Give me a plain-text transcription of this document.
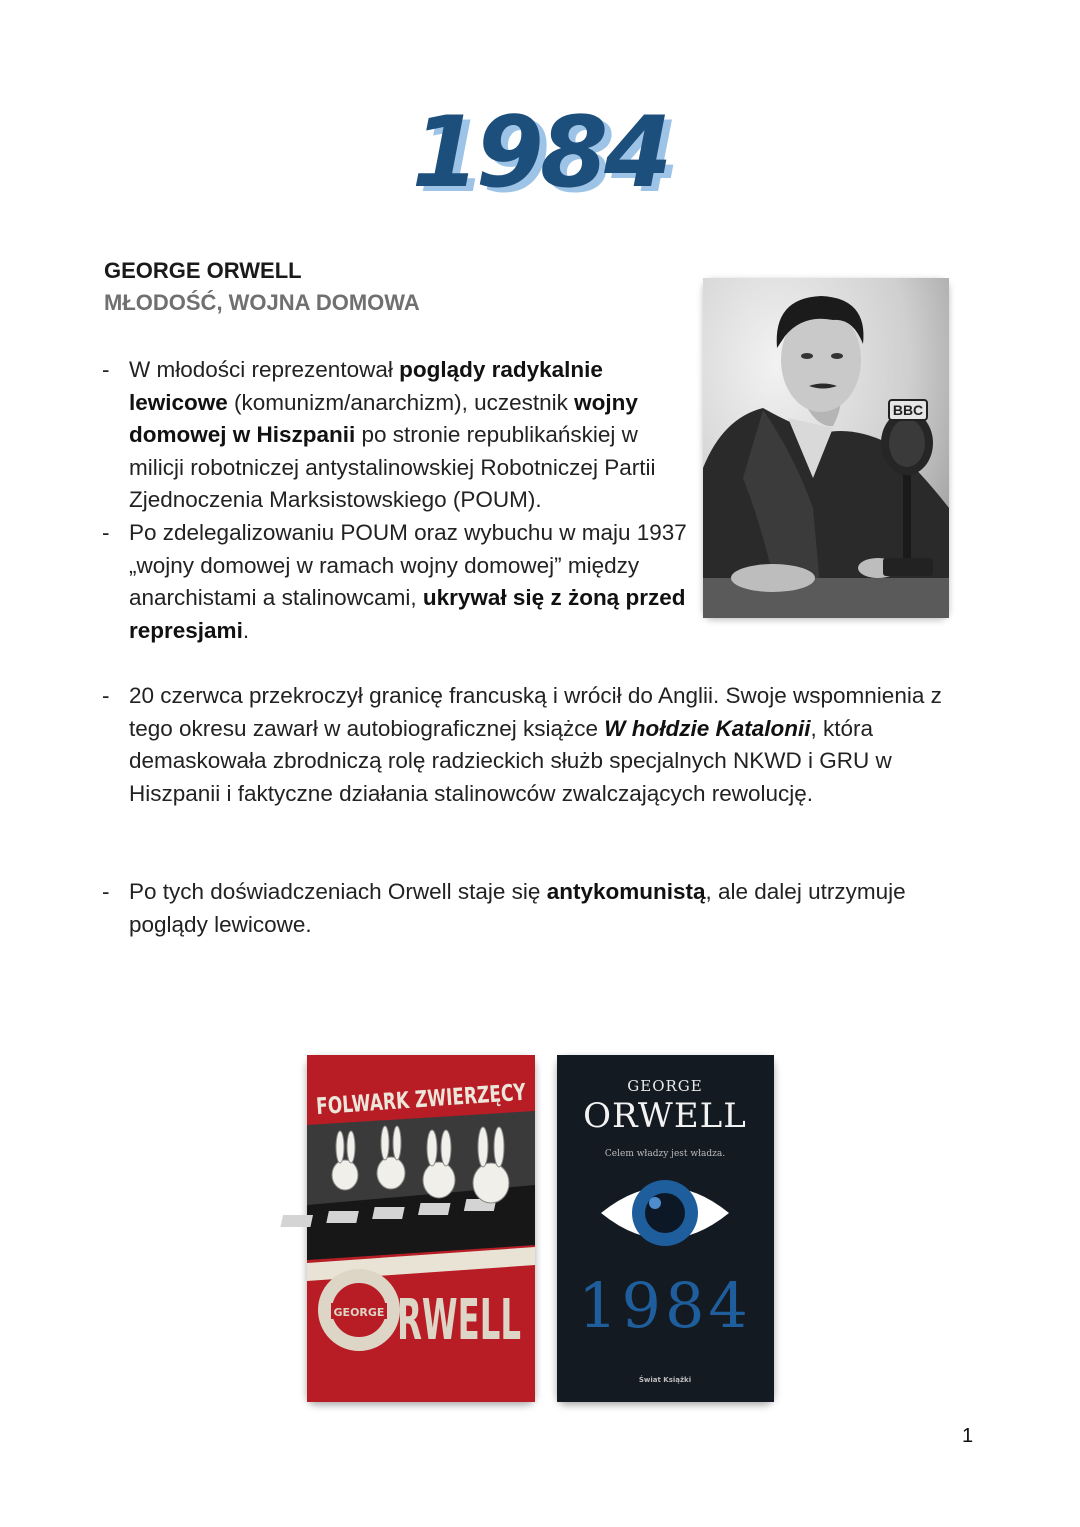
1984
GEORGE ORWELL
MŁODOŚĆ, WOJNA DOMOWA
- W młodości reprezentował poglądy radykalnie lewicowe (komunizm/anarchizm), uczestnik wojny domowej w Hiszpanii po stronie republikańskiej w milicji robotniczej antystalinowskiej Robotniczej Partii Zjednoczenia Marksistowskiego (POUM).
- Po zdelegalizowaniu POUM oraz wybuchu w maju 1937 „wojny domowej w ramach wojny domowej” między anarchistami a stalinowcami, ukrywał się z żoną przed represjami.
- 20 czerwca przekroczył granicę francuską i wrócił do Anglii. Swoje wspomnienia z tego okresu zawarł w autobiograficznej książce W hołdzie Katalonii, która demaskowała zbrodniczą rolę radzieckich służb specjalnych NKWD i GRU w Hiszpanii i faktyczne działania stalinowców zwalczających rewolucję.
- Po tych doświadczeniach Orwell staje się antykomunistą, ale dalej utrzymuje poglądy lewicowe.
BBC
FOLWARK ZWIERZĘCY
GEORGE RWELL
GEORGE
ORWELL
Celem władzy jest władza.
1984
Świat Książki
1
